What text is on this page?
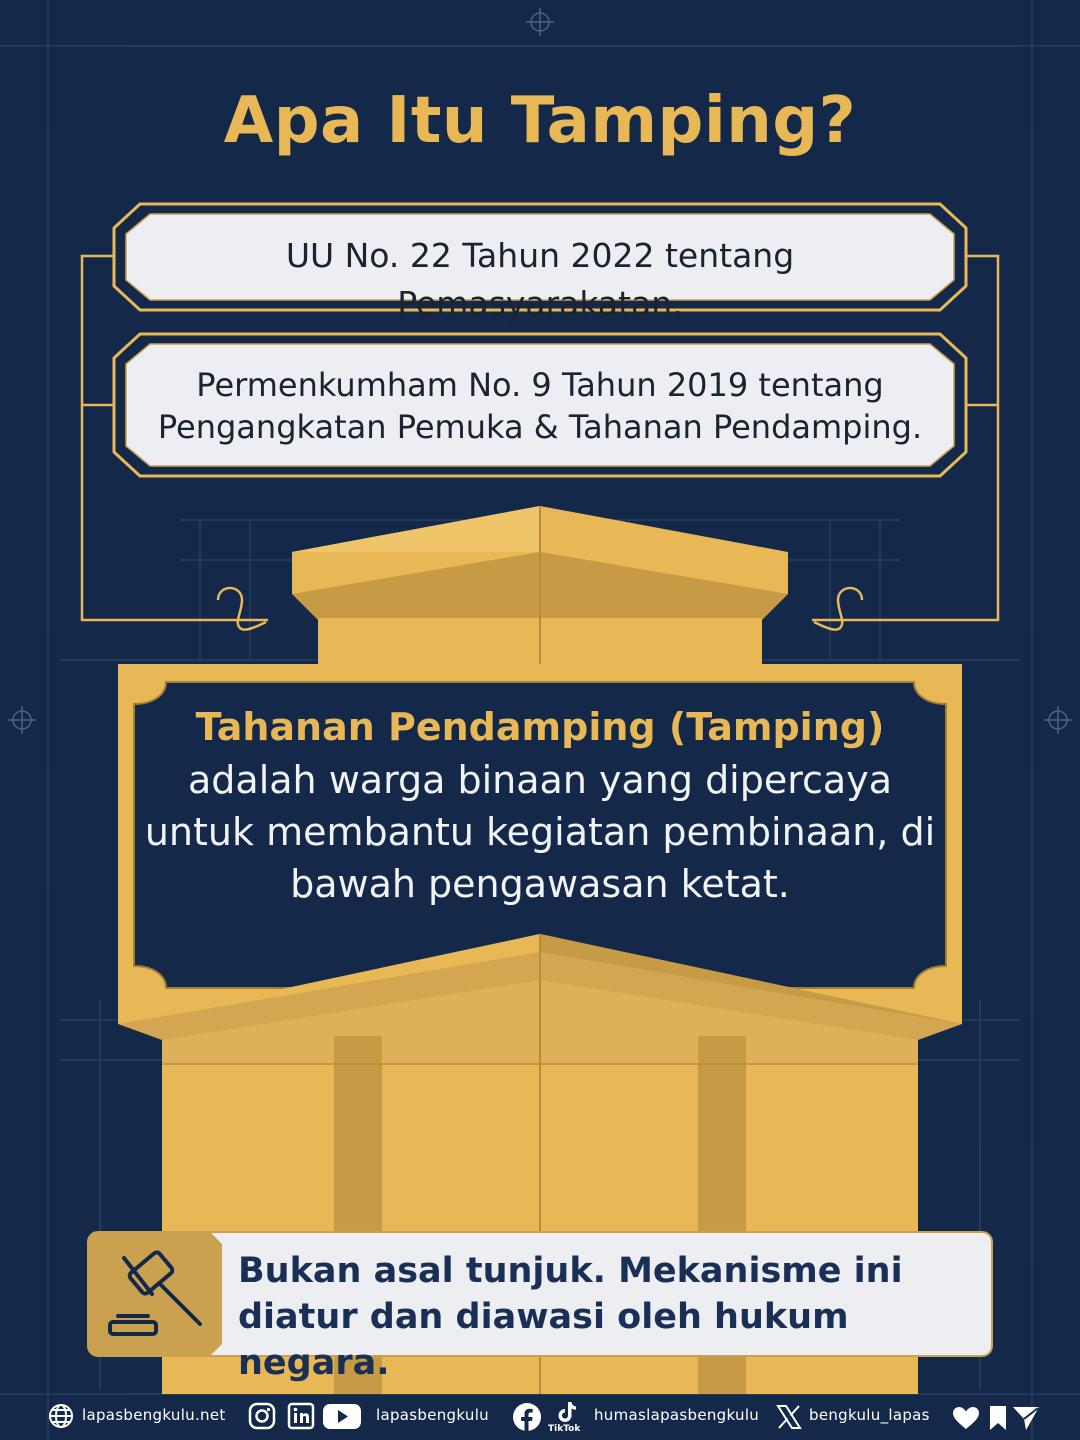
Apa Itu Tamping?
UU No. 22 Tahun 2022 tentang Pemasyarakatan.
Permenkumham No. 9 Tahun 2019 tentang Pengangkatan Pemuka & Tahanan Pendamping.
Tahanan Pendamping (Tamping)
adalah warga binaan yang dipercaya untuk membantu kegiatan pembinaan, di bawah pengawasan ketat.
Bukan asal tunjuk. Mekanisme ini diatur dan diawasi oleh hukum negara.
lapasbengkulu.net	lapasbengkulu
TikTok
humaslapasbengkulu	bengkulu_lapas
